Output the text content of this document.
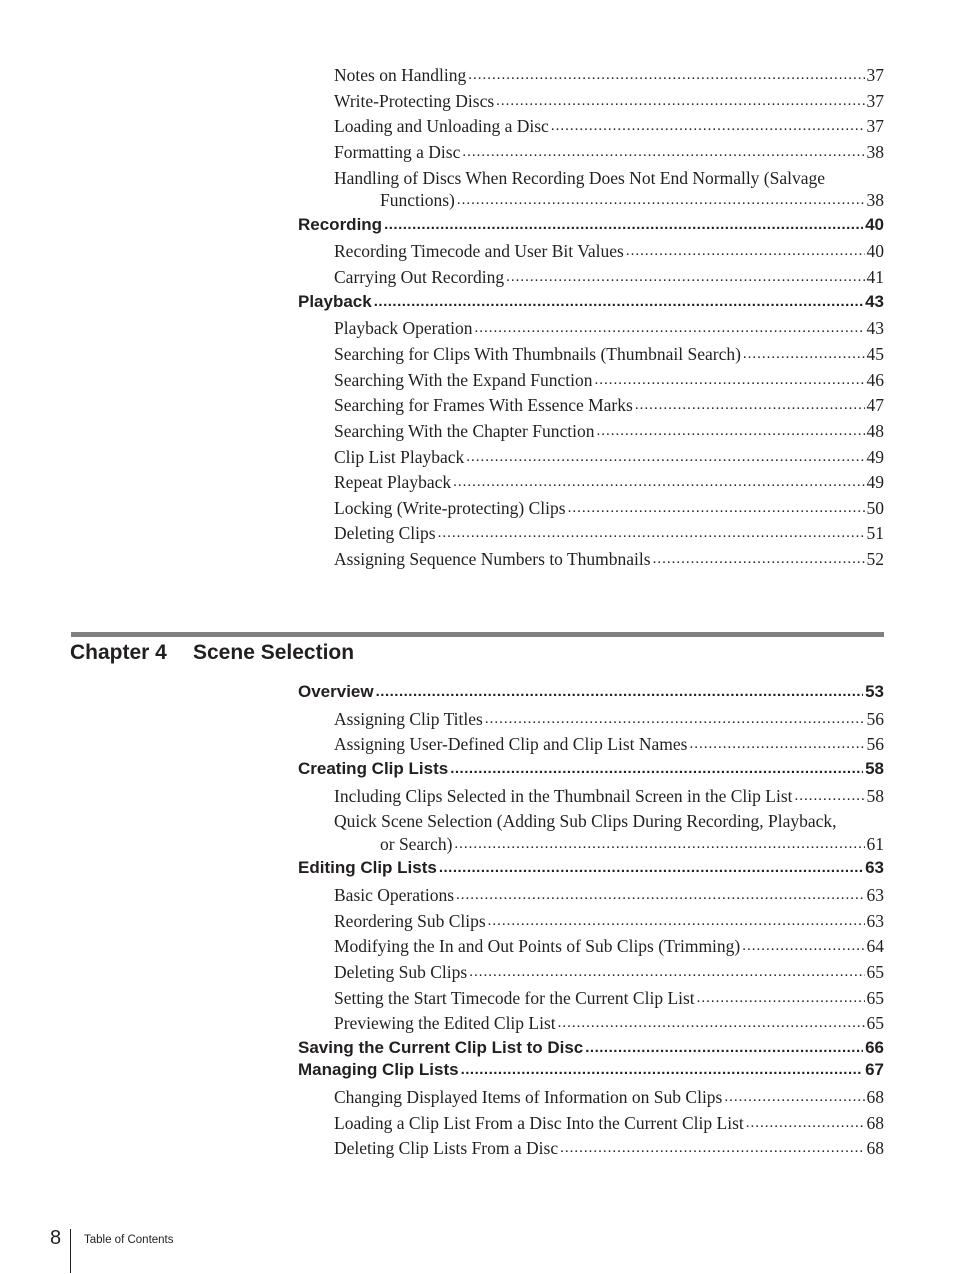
Notes on Handling .....	37
Write-Protecting Discs .....	37
Loading and Unloading a Disc .....	37
Formatting a Disc .....	38
Handling of Discs When Recording Does Not End Normally (Salvage
Functions) .....	38
Recording .....	40
Recording Timecode and User Bit Values .....	40
Carrying Out Recording .....	41
Playback .....	43
Playback Operation .....	43
Searching for Clips With Thumbnails (Thumbnail Search) .....	45
Searching With the Expand Function .....	46
Searching for Frames With Essence Marks .....	47
Searching With the Chapter Function .....	48
Clip List Playback .....	49
Repeat Playback .....	49
Locking (Write-protecting) Clips .....	50
Deleting Clips .....	51
Assigning Sequence Numbers to Thumbnails .....	52
Chapter 4 Scene Selection
Overview .....	53
Assigning Clip Titles .....	56
Assigning User-Defined Clip and Clip List Names .....	56
Creating Clip Lists .....	58
Including Clips Selected in the Thumbnail Screen in the Clip List .....	58
Quick Scene Selection (Adding Sub Clips During Recording, Playback,
or Search) .....	61
Editing Clip Lists .....	63
Basic Operations .....	63
Reordering Sub Clips .....	63
Modifying the In and Out Points of Sub Clips (Trimming) .....	64
Deleting Sub Clips .....	65
Setting the Start Timecode for the Current Clip List .....	65
Previewing the Edited Clip List .....	65
Saving the Current Clip List to Disc .....	66
Managing Clip Lists .....	67
Changing Displayed Items of Information on Sub Clips .....	68
Loading a Clip List From a Disc Into the Current Clip List .....	68
Deleting Clip Lists From a Disc .....	68
8 Table of Contents
